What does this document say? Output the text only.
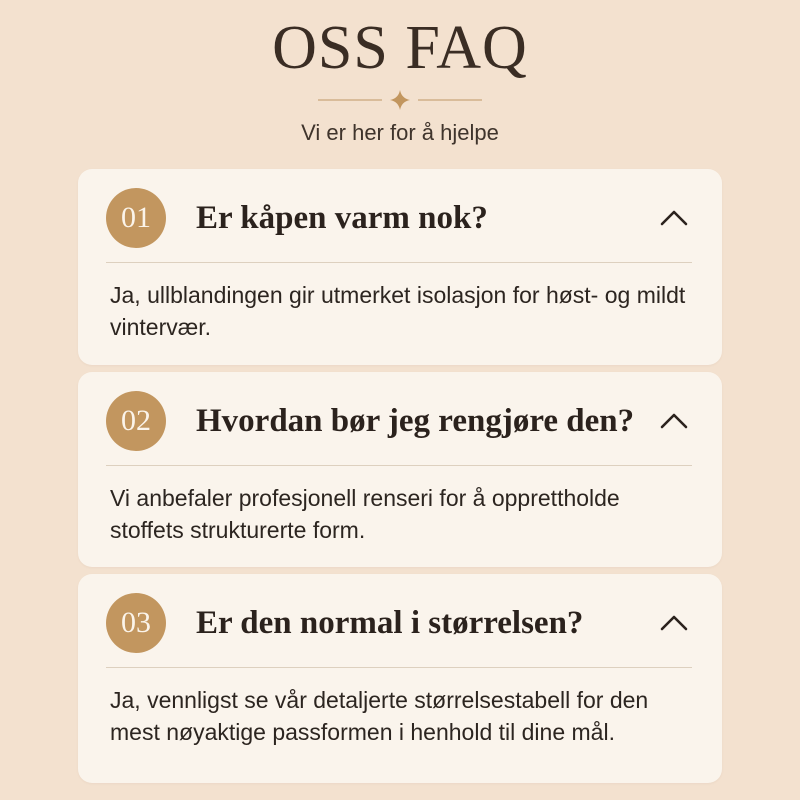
OSS FAQ
Vi er her for å hjelpe
01	Er kåpen varm nok?
Ja, ullblandingen gir utmerket isolasjon for høst- og mildt vintervær.
02	Hvordan bør jeg rengjøre den?
Vi anbefaler profesjonell renseri for å opprettholde stoffets strukturerte form.
03	Er den normal i størrelsen?
Ja, vennligst se vår detaljerte størrelsestabell for den mest nøyaktige passformen i henhold til dine mål.
